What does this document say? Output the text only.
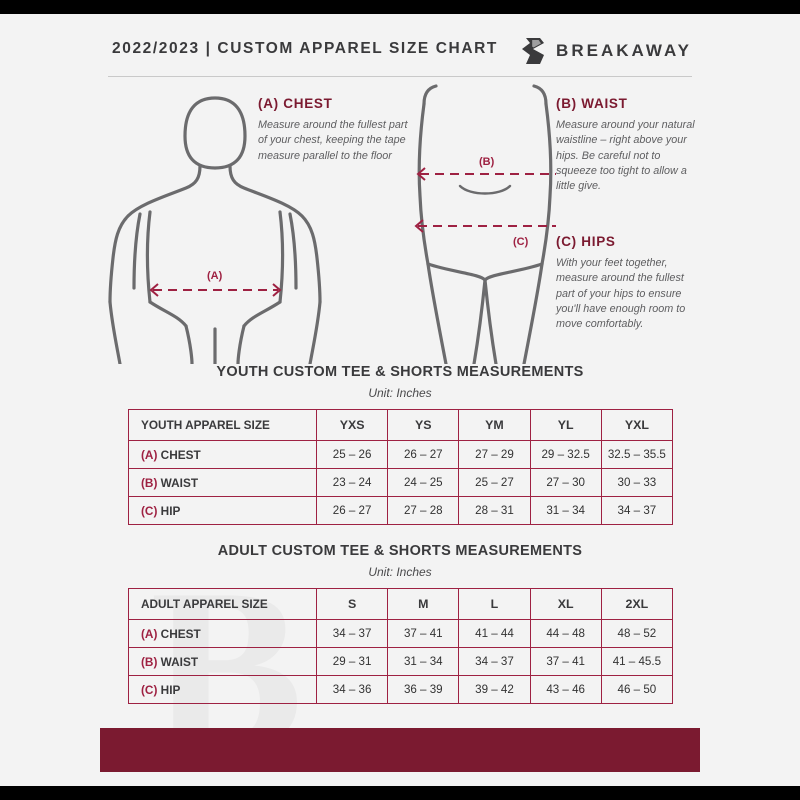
2022/2023 | CUSTOM APPAREL SIZE CHART	BREAKAWAY
(A)
(B)
(C)
(A) CHEST

Measure around the fullest part of your chest, keeping the tape measure parallel to the floor

(B) WAIST

Measure around your natural waistline – right above your hips. Be careful not to squeeze too tight to allow a little give.

(C) HIPS

With your feet together, measure around the fullest part of your hips to ensure you'll have enough room to move comfortably.

YOUTH CUSTOM TEE & SHORTS MEASUREMENTS
Unit: Inches
YOUTH APPAREL SIZE	YXS	YS	YM	YL	YXL
(A) CHEST	25 – 26	26 – 27	27 – 29	29 – 32.5	32.5 – 35.5
(B) WAIST	23 – 24	24 – 25	25 – 27	27 – 30	30 – 33
(C) HIP	26 – 27	27 – 28	28 – 31	31 – 34	34 – 37
ADULT CUSTOM TEE & SHORTS MEASUREMENTS
Unit: Inches
ADULT APPAREL SIZE	S	M	L	XL	2XL
(A) CHEST	34 – 37	37 – 41	41 – 44	44 – 48	48 – 52
(B) WAIST	29 – 31	31 – 34	34 – 37	37 – 41	41 – 45.5
(C) HIP	34 – 36	36 – 39	39 – 42	43 – 46	46 – 50
